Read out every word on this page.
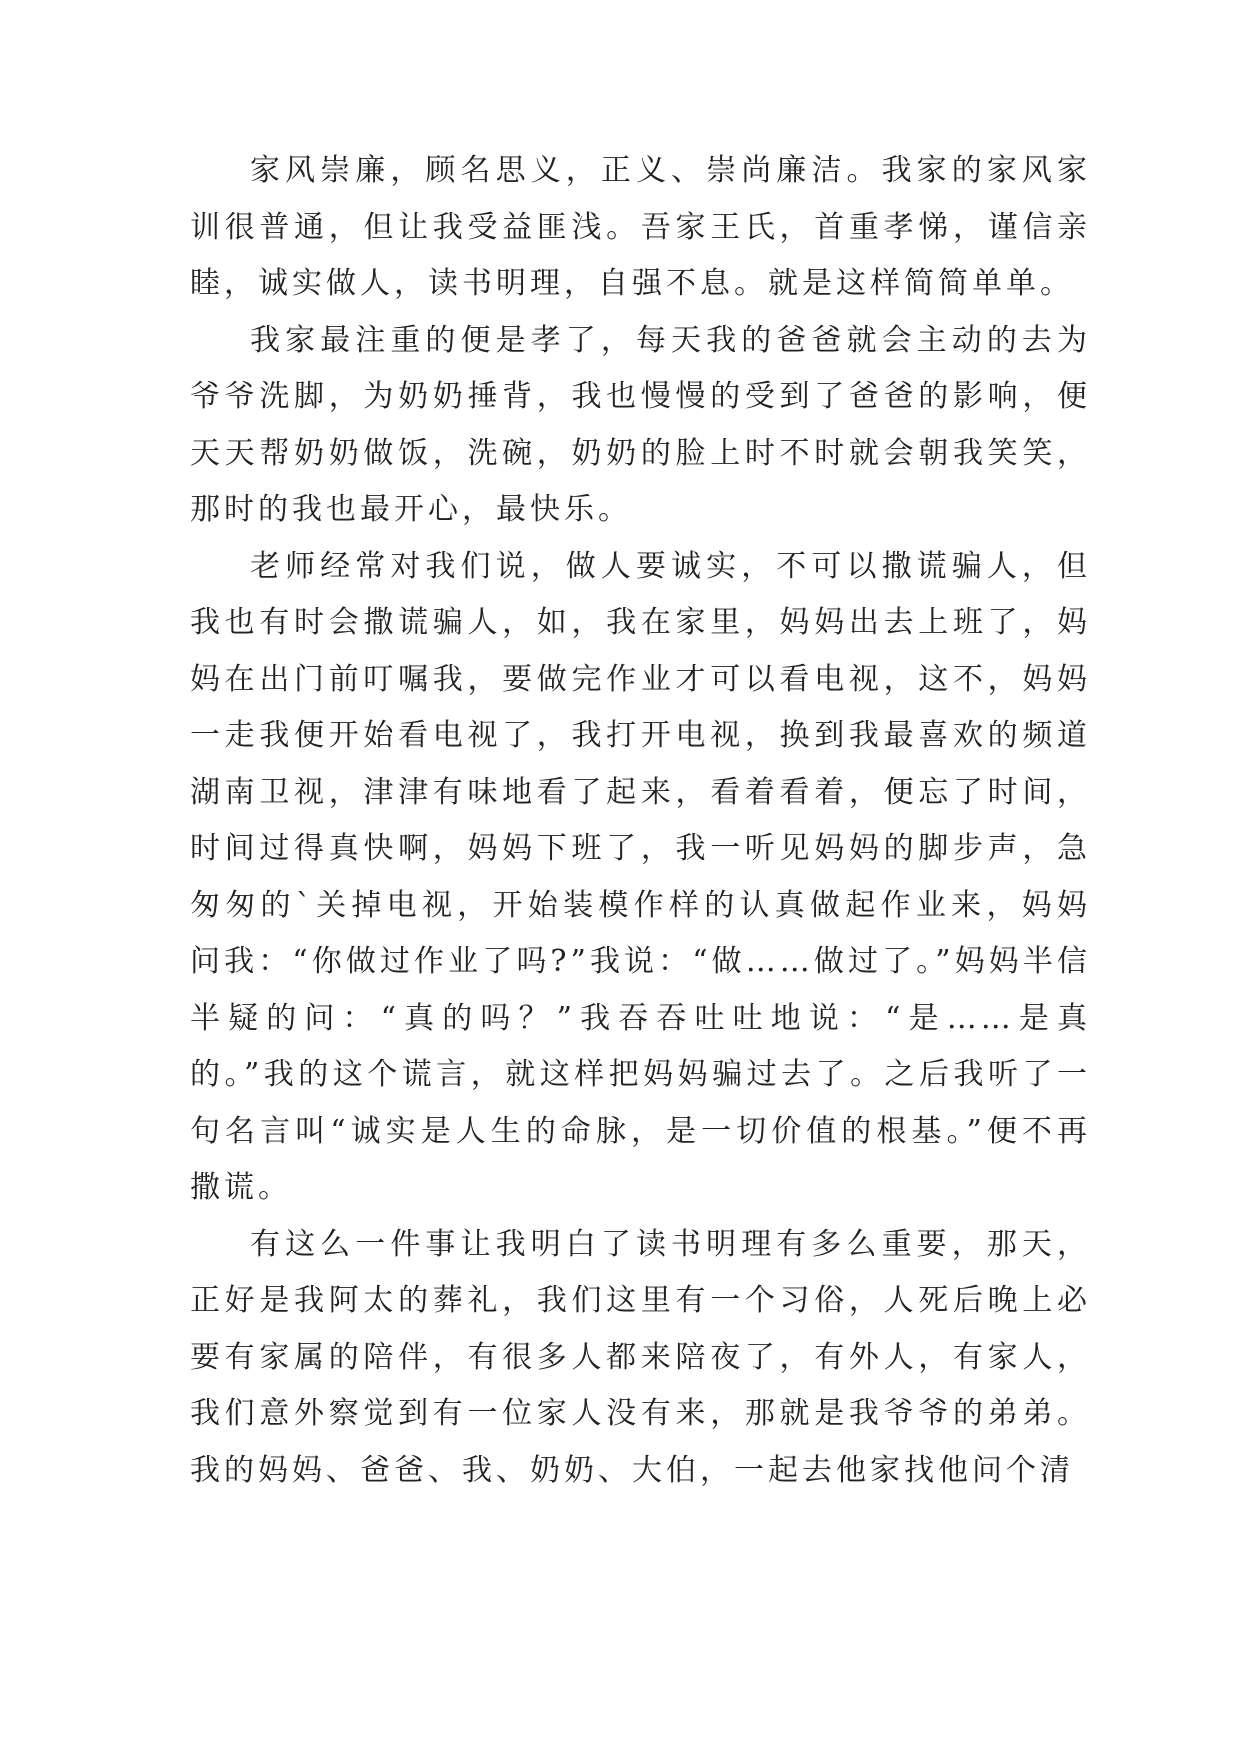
家风崇廉，顾名思义，正义、崇尚廉洁。我家的家风家训很普通，但让我受益匪浅。吾家王氏，首重孝悌，谨信亲睦，诚实做人，读书明理，自强不息。就是这样简简单单。

我家最注重的便是孝了，每天我的爸爸就会主动的去为爷爷洗脚，为奶奶捶背，我也慢慢的受到了爸爸的影响，便天天帮奶奶做饭，洗碗，奶奶的脸上时不时就会朝我笑笑，那时的我也最开心，最快乐。

老师经常对我们说，做人要诚实，不可以撒谎骗人，但我也有时会撒谎骗人，如，我在家里，妈妈出去上班了，妈妈在出门前叮嘱我，要做完作业才可以看电视，这不，妈妈一走我便开始看电视了，我打开电视，换到我最喜欢的频道湖南卫视，津津有味地看了起来，看着看着，便忘了时间，时间过得真快啊，妈妈下班了，我一听见妈妈的脚步声，急匆匆的`关掉电视，开始装模作样的认真做起作业来，妈妈问我：“你做过作业了吗?”我说：“做……做过了。”妈妈半信半疑的问：“真的吗？”我吞吞吐吐地说：“是……是真的。”我的这个谎言，就这样把妈妈骗过去了。之后我听了一句名言叫“诚实是人生的命脉，是一切价值的根基。”便不再撒谎。

有这么一件事让我明白了读书明理有多么重要，那天，正好是我阿太的葬礼，我们这里有一个习俗，人死后晚上必要有家属的陪伴，有很多人都来陪夜了，有外人，有家人，我们意外察觉到有一位家人没有来，那就是我爷爷的弟弟。我的妈妈、爸爸、我、奶奶、大伯，一起去他家找他问个清
